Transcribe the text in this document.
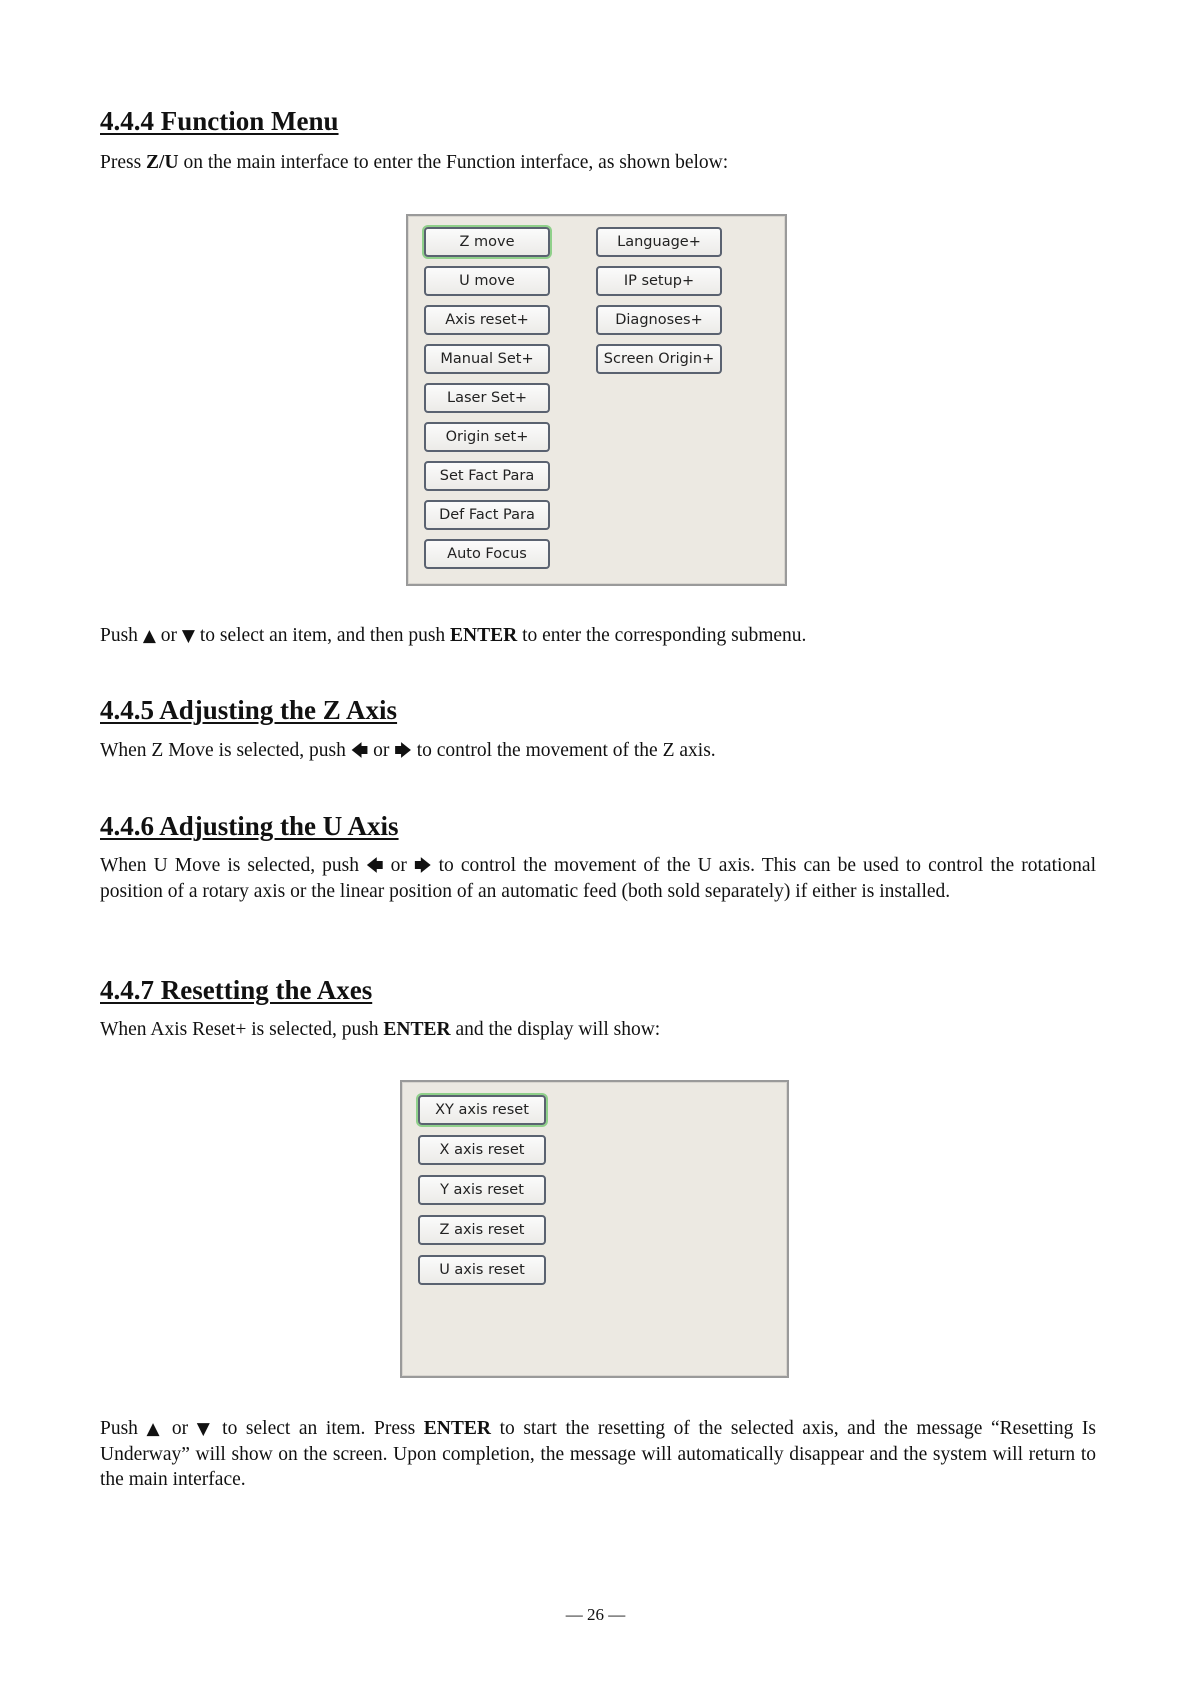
4.4.4 Function Menu

Press Z/U on the main interface to enter the Function interface, as shown below:

Z move
U move
Axis reset+
Manual Set+
Laser Set+
Origin set+
Set Fact Para
Def Fact Para
Auto Focus
Language+
IP setup+
Diagnoses+
Screen Origin+

Push ▲ or ▼ to select an item, and then push ENTER to enter the corresponding submenu.

4.4.5 Adjusting the Z Axis

When Z Move is selected, push 🡄 or 🡆 to control the movement of the Z axis.

4.4.6 Adjusting the U Axis

When U Move is selected, push 🡄 or 🡆 to control the movement of the U axis. This can be used to control the rotational position of a rotary axis or the linear position of an automatic feed (both sold separately) if either is installed.

4.4.7 Resetting the Axes

When Axis Reset+ is selected, push ENTER and the display will show:

XY axis reset
X axis reset
Y axis reset
Z axis reset
U axis reset

Push ▲ or ▼ to select an item. Press ENTER to start the resetting of the selected axis, and the message “Resetting Is Underway” will show on the screen. Upon completion, the message will automatically disappear and the system will return to the main interface.

— 26 —
